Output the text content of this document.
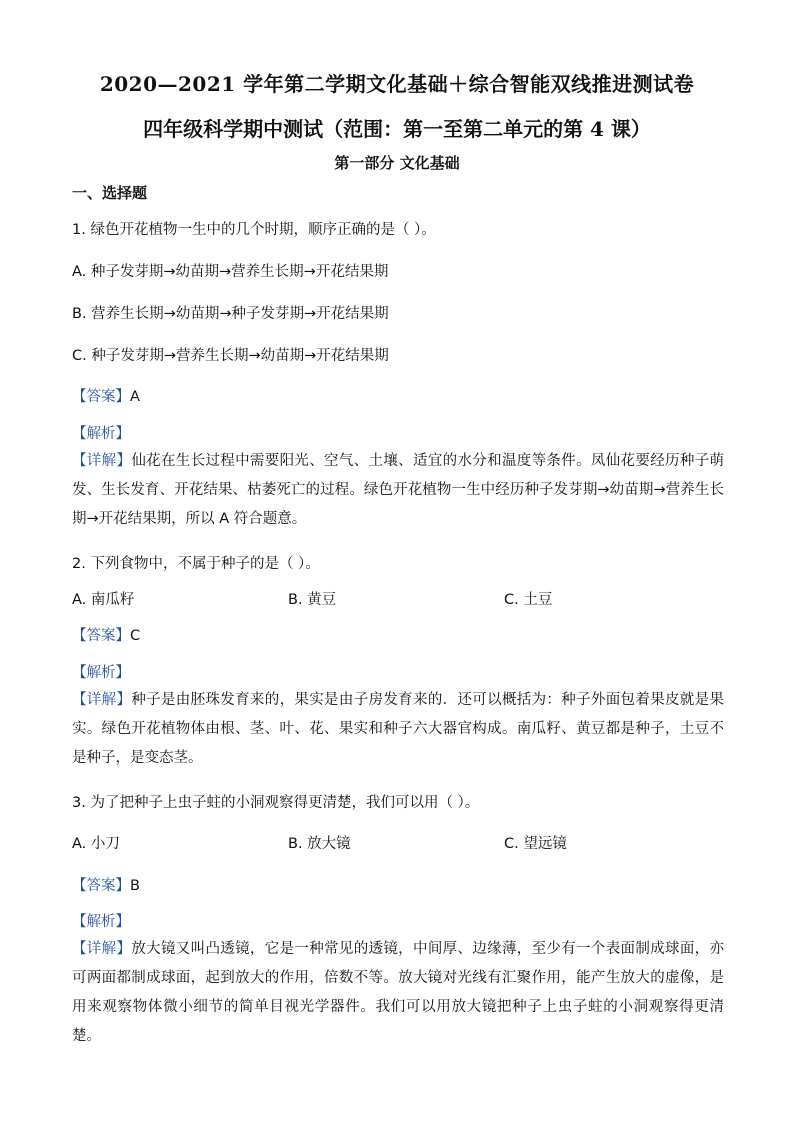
2020—2021 学年第二学期文化基础＋综合智能双线推进测试卷
四年级科学期中测试（范围：第一至第二单元的第 4 课）
第一部分 文化基础
一、选择题
1. 绿色开花植物一生中的几个时期，顺序正确的是（ ）。
A. 种子发芽期→幼苗期→营养生长期→开花结果期
B. 营养生长期→幼苗期→种子发芽期→开花结果期
C. 种子发芽期→营养生长期→幼苗期→开花结果期
【答案】A
【解析】
【详解】仙花在生长过程中需要阳光、空气、土壤、适宜的水分和温度等条件。凤仙花要经历种子萌发、生长发育、开花结果、枯萎死亡的过程。绿色开花植物一生中经历种子发芽期→幼苗期→营养生长期→开花结果期，所以 A 符合题意。
2. 下列食物中，不属于种子的是（ ）。
A. 南瓜籽	B. 黄豆	C. 土豆
【答案】C
【解析】
【详解】种子是由胚珠发育来的，果实是由子房发育来的．还可以概括为：种子外面包着果皮就是果实。绿色开花植物体由根、茎、叶、花、果实和种子六大器官构成。南瓜籽、黄豆都是种子，土豆不是种子，是变态茎。
3. 为了把种子上虫子蛀的小洞观察得更清楚，我们可以用（ ）。
A. 小刀	B. 放大镜	C. 望远镜
【答案】B
【解析】
【详解】放大镜又叫凸透镜，它是一种常见的透镜，中间厚、边缘薄，至少有一个表面制成球面，亦可两面都制成球面，起到放大的作用，倍数不等。放大镜对光线有汇聚作用，能产生放大的虚像，是用来观察物体微小细节的简单目视光学器件。我们可以用放大镜把种子上虫子蛀的小洞观察得更清楚。
